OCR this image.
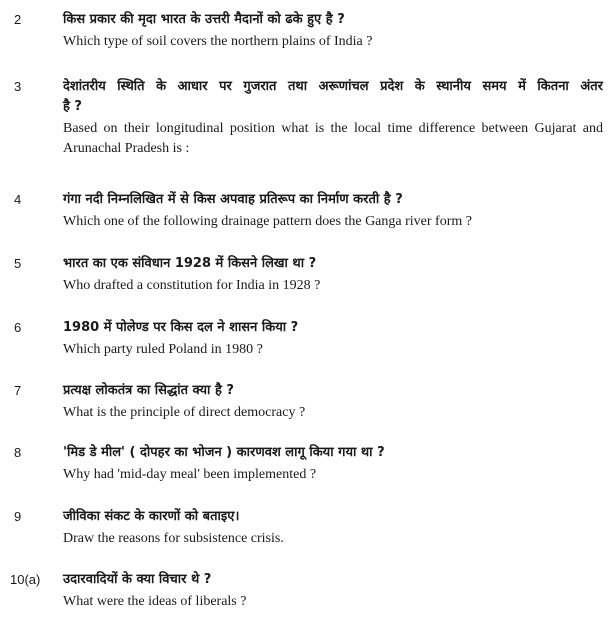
2	किस प्रकार की मृदा भारत के उत्तरी मैदानों को ढके हुए है ?

Which type of soil covers the northern plains of India ?

3	देशांतरीय स्थिति के आधार पर गुजरात तथा अरूणांचल प्रदेश के स्थानीय समय में कितना अंतर

है ?

Based on their longitudinal position what is the local time difference between Gujarat and Arunachal Pradesh is :

4	गंगा नदी निम्नलिखित में से किस अपवाह प्रतिरूप का निर्माण करती है ?

Which one of the following drainage pattern does the Ganga river form ?

5	भारत का एक संविधान 1928 में किसने लिखा था ?

Who drafted a constitution for India in 1928 ?

6	1980 में पोलेण्ड पर किस दल ने शासन किया ?

Which party ruled Poland in 1980 ?

7	प्रत्यक्ष लोकतंत्र का सिद्धांत क्या है ?

What is the principle of direct democracy ?

8	'मिड डे मील' ( दोपहर का भोजन ) कारणवश लागू किया गया था ?

Why had 'mid-day meal' been implemented ?

9	जीविका संकट के कारणों को बताइए।

Draw the reasons for subsistence crisis.

10(a) उदारवादियों के क्या विचार थे ?

What were the ideas of liberals ?
